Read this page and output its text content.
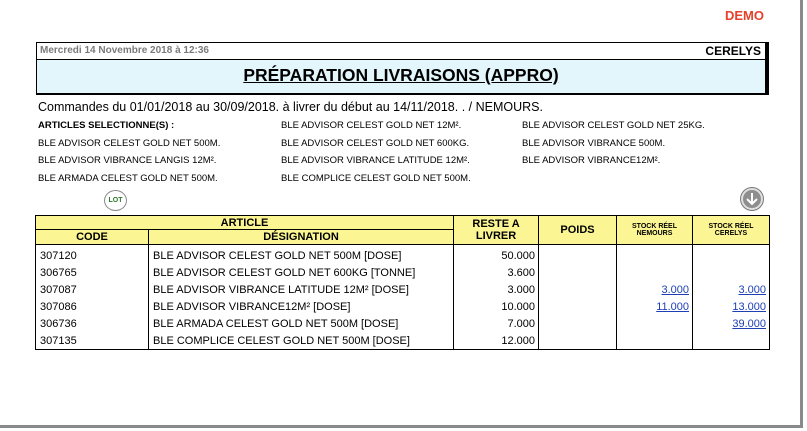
DEMO
Mercredi 14 Novembre 2018 à 12:36	CERELYS
PRÉPARATION LIVRAISONS (APPRO)
Commandes du 01/01/2018 au 30/09/2018. à livrer du début au 14/11/2018. . / NEMOURS.
ARTICLES SELECTIONNE(S) :	BLE ADVISOR CELEST GOLD NET 12M².	BLE ADVISOR CELEST GOLD NET 25KG.
BLE ADVISOR CELEST GOLD NET 500M.	BLE ADVISOR CELEST GOLD NET 600KG.	BLE ADVISOR VIBRANCE 500M.
BLE ADVISOR VIBRANCE LANGIS 12M².	BLE ADVISOR VIBRANCE LATITUDE 12M².	BLE ADVISOR VIBRANCE12M².
BLE ARMADA CELEST GOLD NET 500M.	BLE COMPLICE CELEST GOLD NET 500M.
LOT
ARTICLE		RESTE A LIVRER	POIDS	STOCK RÉEL NEMOURS	STOCK RÉEL CERELYS
CODE	DÉSIGNATION				
307120	BLE ADVISOR CELEST GOLD NET 500M [DOSE]	50.000			
306765	BLE ADVISOR CELEST GOLD NET 600KG [TONNE]	3.600			
307087	BLE ADVISOR VIBRANCE LATITUDE 12M² [DOSE]	3.000		3.000	3.000
307086	BLE ADVISOR VIBRANCE12M² [DOSE]	10.000		11.000	13.000
306736	BLE ARMADA CELEST GOLD NET 500M [DOSE]	7.000			39.000
307135	BLE COMPLICE CELEST GOLD NET 500M [DOSE]	12.000			
